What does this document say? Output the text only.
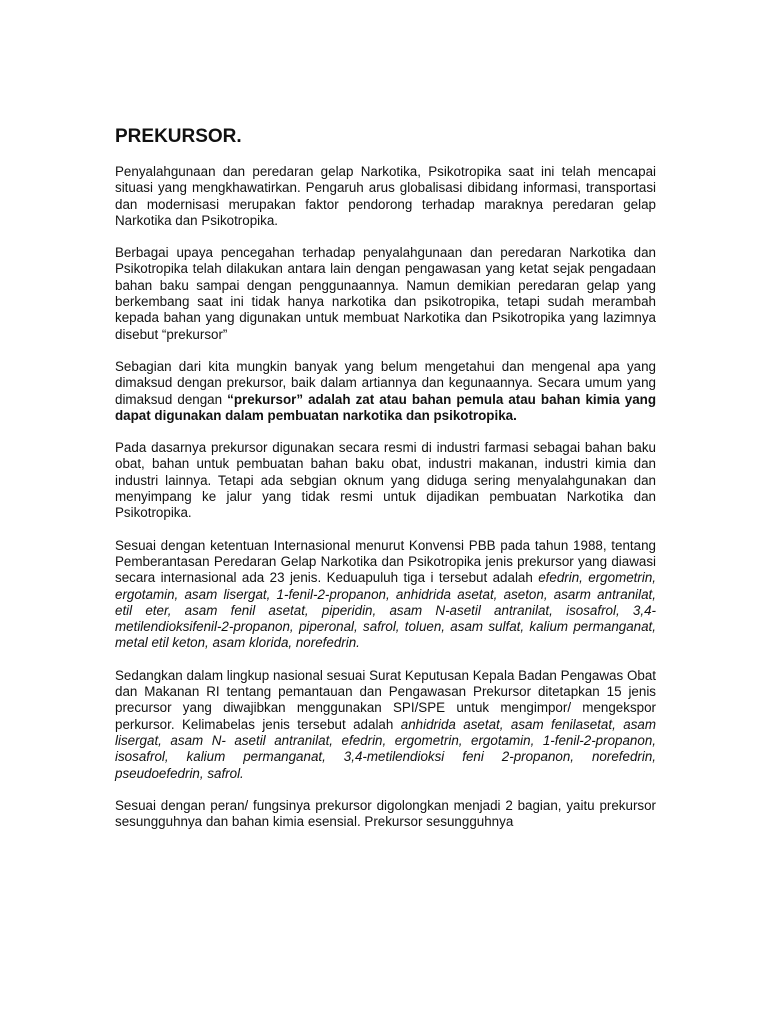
PREKURSOR.

Penyalahgunaan dan peredaran gelap Narkotika, Psikotropika saat ini telah mencapai situasi yang mengkhawatirkan. Pengaruh arus globalisasi dibidang informasi, transportasi dan modernisasi merupakan faktor pendorong terhadap maraknya peredaran gelap Narkotika dan Psikotropika.

Berbagai upaya pencegahan terhadap penyalahgunaan dan peredaran Narkotika dan Psikotropika telah dilakukan antara lain dengan pengawasan yang ketat sejak pengadaan bahan baku sampai dengan penggunaannya. Namun demikian peredaran gelap yang berkembang saat ini tidak hanya narkotika dan psikotropika, tetapi sudah merambah kepada bahan yang digunakan untuk membuat Narkotika dan Psikotropika yang lazimnya disebut “prekursor”

Sebagian dari kita mungkin banyak yang belum mengetahui dan mengenal apa yang dimaksud dengan prekursor, baik dalam artiannya dan kegunaannya. Secara umum yang dimaksud dengan “prekursor” adalah zat atau bahan pemula atau bahan kimia yang dapat digunakan dalam pembuatan narkotika dan psikotropika.

Pada dasarnya prekursor digunakan secara resmi di industri farmasi sebagai bahan baku obat, bahan untuk pembuatan bahan baku obat, industri makanan, industri kimia dan industri lainnya. Tetapi ada sebgian oknum yang diduga sering menyalahgunakan dan menyimpang ke jalur yang tidak resmi untuk dijadikan pembuatan Narkotika dan Psikotropika.

Sesuai dengan ketentuan Internasional menurut Konvensi PBB pada tahun 1988, tentang Pemberantasan Peredaran Gelap Narkotika dan Psikotropika jenis prekursor yang diawasi secara internasional ada 23 jenis. Keduapuluh tiga i tersebut adalah efedrin, ergometrin, ergotamin, asam lisergat, 1-fenil-2-propanon, anhidrida asetat, aseton, asarm antranilat, etil eter, asam fenil asetat, piperidin, asam N-asetil antranilat, isosafrol, 3,4-metilendioksifenil-2-propanon, piperonal, safrol, toluen, asam sulfat, kalium permanganat, metal etil keton, asam klorida, norefedrin.

Sedangkan dalam lingkup nasional sesuai Surat Keputusan Kepala Badan Pengawas Obat dan Makanan RI tentang pemantauan dan Pengawasan Prekursor ditetapkan 15 jenis precursor yang diwajibkan menggunakan SPI/SPE untuk mengimpor/ mengekspor perkursor. Kelimabelas jenis tersebut adalah anhidrida asetat, asam fenilasetat, asam lisergat, asam N- asetil antranilat, efedrin, ergometrin, ergotamin, 1-fenil-2-propanon, isosafrol, kalium permanganat, 3,4-metilendioksi feni 2-propanon, norefedrin, pseudoefedrin, safrol.

Sesuai dengan peran/ fungsinya prekursor digolongkan menjadi 2 bagian, yaitu prekursor sesungguhnya dan bahan kimia esensial. Prekursor sesungguhnya
